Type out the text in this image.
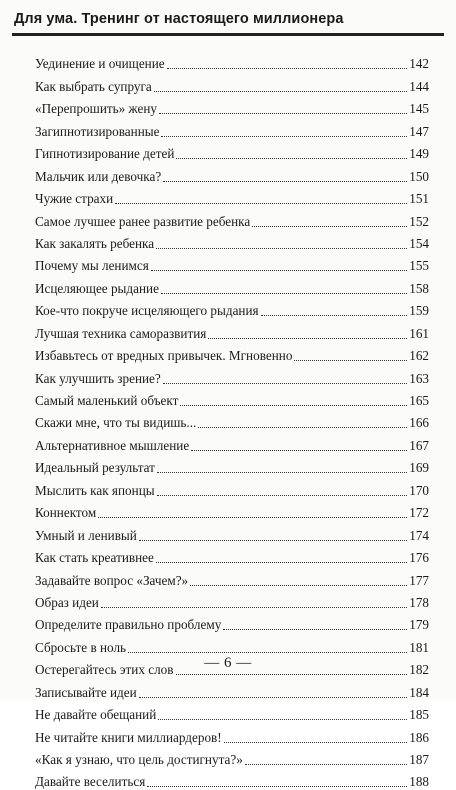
Для ума. Тренинг от настоящего миллионера
Уединение и очищение	142
Как выбрать супруга	144
«Перепрошить» жену	145
Загипнотизированные	147
Гипнотизирование детей	149
Мальчик или девочка?	150
Чужие страхи	151
Самое лучшее ранее развитие ребенка	152
Как закалять ребенка	154
Почему мы ленимся	155
Исцеляющее рыдание	158
Кое-что покруче исцеляющего рыдания	159
Лучшая техника саморазвития	161
Избавьтесь от вредных привычек. Мгновенно	162
Как улучшить зрение?	163
Самый маленький объект	165
Скажи мне, что ты видишь...	166
Альтернативное мышление	167
Идеальный результат	169
Мыслить как японцы	170
Коннектом	172
Умный и ленивый	174
Как стать креативнее	176
Задавайте вопрос «Зачем?»	177
Образ идеи	178
Определите правильно проблему	179
Сбросьте в ноль	181
Остерегайтесь этих слов	182
Записывайте идеи	184
Не давайте обещаний	185
Не читайте книги миллиардеров!	186
«Как я узнаю, что цель достигнута?»	187
Давайте веселиться	188
— 6 —
